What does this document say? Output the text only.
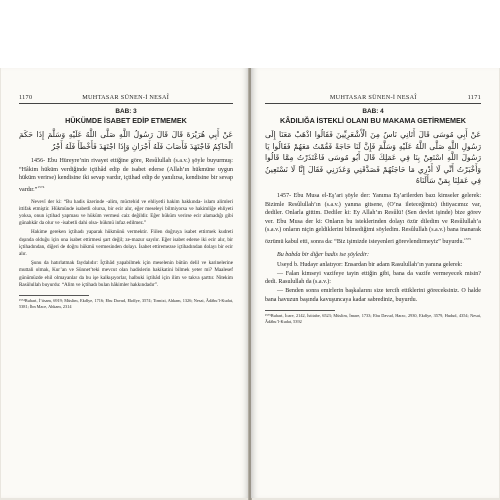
1170	MUHTASAR SÜNEN-İ NESAÎ
BAB: 3
HÜKÜMDE İSABET EDİP ETMEMEK
عَنْ أَبِي هُرَيْرَةَ قَالَ قَالَ رَسُولُ اللَّهِ صَلَّى اللَّهُ عَلَيْهِ وَسَلَّمَ إِذَا حَكَمَ الْحَاكِمُ فَاجْتَهَدَ فَأَصَابَ فَلَهُ أَجْرَانِ وَإِذَا اجْتَهَدَ فَأَخْطَأَ فَلَهُ أَجْرٌ

1456- Ebu Hüreyre’nin rivayet ettiğine göre, Resûlullah (s.a.v.) şöyle buyurmuş: “Hâkim hüküm verdiğinde içtihâd edip de isabet ederse (Allah’ın hükmüne uygun hüküm verirse) kendisine iki sevap vardır, içtihad edip de yanılırsa, kendisine bir sevap vardır.”$^{1574}$

Nevevî der ki: “Bu hadis üzerinde -alim, müctehid ve ehliyetli hakim hakkında- islam alimleri ittifak etmiştir. Hükmünde isabetli olursa, bir ecir alır, eğer meseleyi bilmiyorsa ve hakimliğe ehliyeti yoksa, onun içtihad yapması ve hüküm vermesi caiz değildir. Eğer hüküm verirse ecir alamadığı gibi günahkâr da olur ve -isabetli dahi olsa- hükmü infaz edilmez.”

Hakime gereken içtihadı yaparak hükmünü vermektir. Fiilen doğruya isabet ettirmek kudreti dışında olduğu için ona isabet ettirmesi şart değil; ze-mazur sayılır. Eğer isabet ederse iki ecir alır, bir içtihadından, diğeri de doğru hükmü vermesinden dolayı. İsabet ettiremezse içtihadından dolayı bir ecir alır.

Şunu da hatırlatmak faydalıdır: İçtihâd yapabilmek için meselenin bütün delil ve karinelerine muttali olmak, Kur’an ve Sünnet’teki mevcut olan hadislerin hakikatini bilmek yeter mi? Maalesef günümüzde ehil olmayanlar da bu işe kalkışıyorlar, halbuki içtihâd için ilim ve takva şarttır. Nitekim Rasûlullah buyurdu: “Alim ve içtihadı bulan hâkimler hakkındadır”.

¹⁵⁷⁴Buhari, İ’tisam, 6919; Müslim, Ekdîye, 1716; Ebu Davud, Ekdîye, 3574; Tirmizi, Ahkam, 1326; Nesai, Âdâbu’l-Kudat, 5381; İbn Mace, Ahkam, 2314

MUHTASAR SÜNEN-İ NESAÎ	1171
BAB: 4
KÂDILIĞA İSTEKLİ OLANI BU MAKAMA GETİRMEMEK
عَنْ أَبِي مُوسَى قَالَ أَتَانِي نَاسٌ مِنَ الْأَشْعَرِيِّينَ فَقَالُوا اذْهَبْ مَعَنَا إِلَى رَسُولِ اللَّهِ صَلَّى اللَّهُ عَلَيْهِ وَسَلَّمَ فَإِنَّ لَنَا حَاجَةً فَقُمْتُ مَعَهُمْ فَقَالُوا يَا رَسُولَ اللَّهِ اسْتَعِنْ بِنَا فِي عَمَلِكَ قَالَ أَبُو مُوسَى فَاعْتَذَرْتُ مِمَّا قَالُوا وَأَخْبَرْتُ أَنِّي لَا أَدْرِي مَا حَاجَتُهُمْ فَصَدَّقَنِي وَعَذَرَنِي فَقَالَ إِنَّا لَا نَسْتَعِينُ فِي عَمَلِنَا بِمَنْ سَأَلَنَاهُ

1457- Ebu Musa el-Eş’ari şöyle der: Yanıma Eş’arilerden bazı kimseler gelerek: Bizimle Resûlullah’ın (s.a.v.) yanına gitsene, (O’na ileteceğimiz) ihtiyacımız var, dediler. Onlarla gittim. Dediler ki: Ey Allah’ın Resûlü! (Sen devlet işinde) bize görev ver. Ebu Musa der ki: Onların bu isteklerinden dolayı özür diledim ve Resûlullah’a (s.a.v.) onların niçin geldiklerini bilmediğimi söyledim. Resûlullah (s.a.v.) bana inanarak özrümü kabul etti, sonra da: “Biz işimizde isteyenleri görevlendirmeyiz” buyurdu.$^{1575}$

Bu babda bir diğer hadis ise şöyledir:

Useyd b. Hudayr anlatıyor: Ensardan bir adam Rasulullah’ın yanına gelerek:

— Falan kimseyi vazifeye tayin ettiğin gibi, bana da vazife vermeyecek misin? dedi. Rasulullah da (s.a.v.):

— Benden sonra emirlerin başkalarını size tercih ettiklerini göreceksiniz. O halde bana havuzun başında kavuşuncaya kadar sabrediniz, buyurdu.

¹⁵⁷⁵Buhari, İcare, 2142, İstitabe, 6523; Müslim, İmare, 1733; Ebu Davud, Harac, 2930, Ekdîye, 3579, Hudud, 4354; Nesai, Âdâbu’l-Kudat, 5392
